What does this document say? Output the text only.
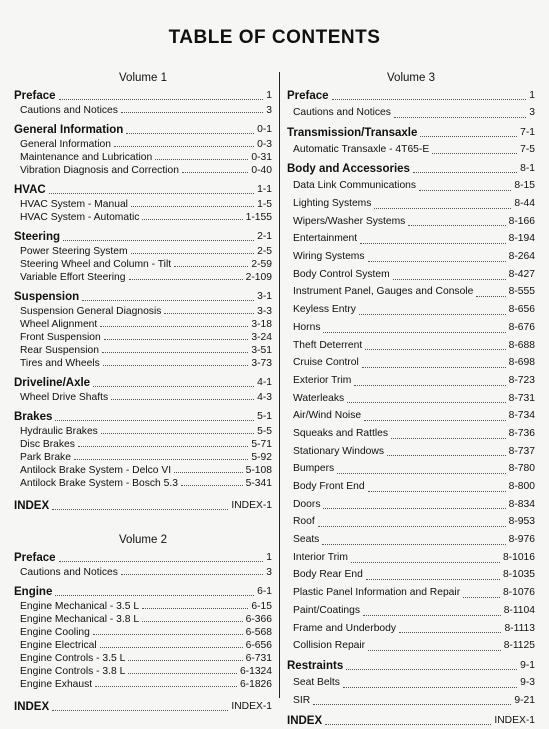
TABLE OF CONTENTS
Volume 1
Preface	1
Cautions and Notices	3
General Information	0-1
General Information	0-3
Maintenance and Lubrication	0-31
Vibration Diagnosis and Correction	0-40
HVAC	1-1
HVAC System - Manual	1-5
HVAC System - Automatic	1-155
Steering	2-1
Power Steering System	2-5
Steering Wheel and Column - Tilt	2-59
Variable Effort Steering	2-109
Suspension	3-1
Suspension General Diagnosis	3-3
Wheel Alignment	3-18
Front Suspension	3-24
Rear Suspension	3-51
Tires and Wheels	3-73
Driveline/Axle	4-1
Wheel Drive Shafts	4-3
Brakes	5-1
Hydraulic Brakes	5-5
Disc Brakes	5-71
Park Brake	5-92
Antilock Brake System - Delco VI	5-108
Antilock Brake System - Bosch 5.3	5-341
INDEX	INDEX-1
Volume 2
Preface	1
Cautions and Notices	3
Engine	6-1
Engine Mechanical - 3.5 L	6-15
Engine Mechanical - 3.8 L	6-366
Engine Cooling	6-568
Engine Electrical	6-656
Engine Controls - 3.5 L	6-731
Engine Controls - 3.8 L	6-1324
Engine Exhaust	6-1826
INDEX	INDEX-1
Volume 3
Preface	1
Cautions and Notices	3
Transmission/Transaxle	7-1
Automatic Transaxle - 4T65-E	7-5
Body and Accessories	8-1
Data Link Communications	8-15
Lighting Systems	8-44
Wipers/Washer Systems	8-166
Entertainment	8-194
Wiring Systems	8-264
Body Control System	8-427
Instrument Panel, Gauges and Console	8-555
Keyless Entry	8-656
Horns	8-676
Theft Deterrent	8-688
Cruise Control	8-698
Exterior Trim	8-723
Waterleaks	8-731
Air/Wind Noise	8-734
Squeaks and Rattles	8-736
Stationary Windows	8-737
Bumpers	8-780
Body Front End	8-800
Doors	8-834
Roof	8-953
Seats	8-976
Interior Trim	8-1016
Body Rear End	8-1035
Plastic Panel Information and Repair	8-1076
Paint/Coatings	8-1104
Frame and Underbody	8-1113
Collision Repair	8-1125
Restraints	9-1
Seat Belts	9-3
SIR	9-21
INDEX	INDEX-1
